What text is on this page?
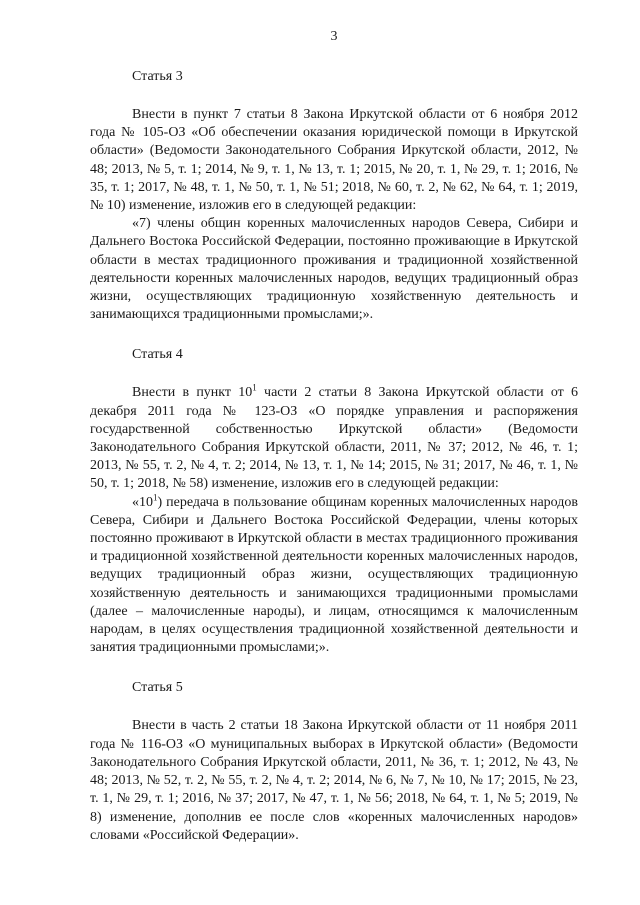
3
Статья 3

Внести в пункт 7 статьи 8 Закона Иркутской области от 6 ноября 2012 года № 105-ОЗ «Об обеспечении оказания юридической помощи в Иркутской области» (Ведомости Законодательного Собрания Иркутской области, 2012, № 48; 2013, № 5, т. 1; 2014, № 9, т. 1, № 13, т. 1; 2015, № 20, т. 1, № 29, т. 1; 2016, № 35, т. 1; 2017, № 48, т. 1, № 50, т. 1, № 51; 2018, № 60, т. 2, № 62, № 64, т. 1; 2019, № 10) изменение, изложив его в следующей редакции:

«7) члены общин коренных малочисленных народов Севера, Сибири и Дальнего Востока Российской Федерации, постоянно проживающие в Иркутской области в местах традиционного проживания и традиционной хозяйственной деятельности коренных малочисленных народов, ведущих традиционный образ жизни, осуществляющих традиционную хозяйственную деятельность и занимающихся традиционными промыслами;».

Статья 4

Внести в пункт $10^1$ части 2 статьи 8 Закона Иркутской области от 6 декабря 2011 года № 123-ОЗ «О порядке управления и распоряжения государственной собственностью Иркутской области» (Ведомости Законодательного Собрания Иркутской области, 2011, № 37; 2012, № 46, т. 1; 2013, № 55, т. 2, № 4, т. 2; 2014, № 13, т. 1, № 14; 2015, № 31; 2017, № 46, т. 1, № 50, т. 1; 2018, № 58) изменение, изложив его в следующей редакции:

«$10^1$) передача в пользование общинам коренных малочисленных народов Севера, Сибири и Дальнего Востока Российской Федерации, члены которых постоянно проживают в Иркутской области в местах традиционного проживания и традиционной хозяйственной деятельности коренных малочисленных народов, ведущих традиционный образ жизни, осуществляющих традиционную хозяйственную деятельность и занимающихся традиционными промыслами (далее – малочисленные народы), и лицам, относящимся к малочисленным народам, в целях осуществления традиционной хозяйственной деятельности и занятия традиционными промыслами;».

Статья 5

Внести в часть 2 статьи 18 Закона Иркутской области от 11 ноября 2011 года № 116-ОЗ «О муниципальных выборах в Иркутской области» (Ведомости Законодательного Собрания Иркутской области, 2011, № 36, т. 1; 2012, № 43, № 48; 2013, № 52, т. 2, № 55, т. 2, № 4, т. 2; 2014, № 6, № 7, № 10, № 17; 2015, № 23, т. 1, № 29, т. 1; 2016, № 37; 2017, № 47, т. 1, № 56; 2018, № 64, т. 1, № 5; 2019, № 8) изменение, дополнив ее после слов «коренных малочисленных народов» словами «Российской Федерации».
